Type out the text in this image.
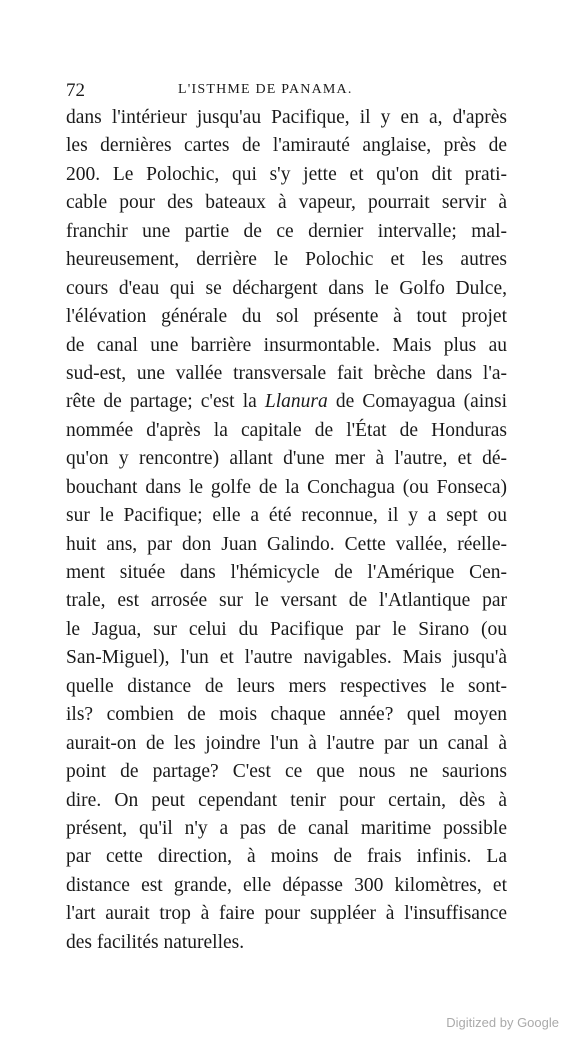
72	L'ISTHME DE PANAMA.
dans l'intérieur jusqu'au Pacifique, il y en a, d'après
les dernières cartes de l'amirauté anglaise, près de
200. Le Polochic, qui s'y jette et qu'on dit prati-
cable pour des bateaux à vapeur, pourrait servir à
franchir une partie de ce dernier intervalle; mal-
heureusement, derrière le Polochic et les autres
cours d'eau qui se déchargent dans le Golfo Dulce,
l'élévation générale du sol présente à tout projet
de canal une barrière insurmontable. Mais plus au
sud-est, une vallée transversale fait brèche dans l'a-
rête de partage; c'est la Llanura de Comayagua (ainsi
nommée d'après la capitale de l'État de Honduras
qu'on y rencontre) allant d'une mer à l'autre, et dé-
bouchant dans le golfe de la Conchagua (ou Fonseca)
sur le Pacifique; elle a été reconnue, il y a sept ou
huit ans, par don Juan Galindo. Cette vallée, réelle-
ment située dans l'hémicycle de l'Amérique Cen-
trale, est arrosée sur le versant de l'Atlantique par
le Jagua, sur celui du Pacifique par le Sirano (ou
San-Miguel), l'un et l'autre navigables. Mais jusqu'à
quelle distance de leurs mers respectives le sont-
ils? combien de mois chaque année? quel moyen
aurait-on de les joindre l'un à l'autre par un canal à
point de partage? C'est ce que nous ne saurions
dire. On peut cependant tenir pour certain, dès à
présent, qu'il n'y a pas de canal maritime possible
par cette direction, à moins de frais infinis. La
distance est grande, elle dépasse 300 kilomètres, et
l'art aurait trop à faire pour suppléer à l'insuffisance
des facilités naturelles.
Digitized by Google
